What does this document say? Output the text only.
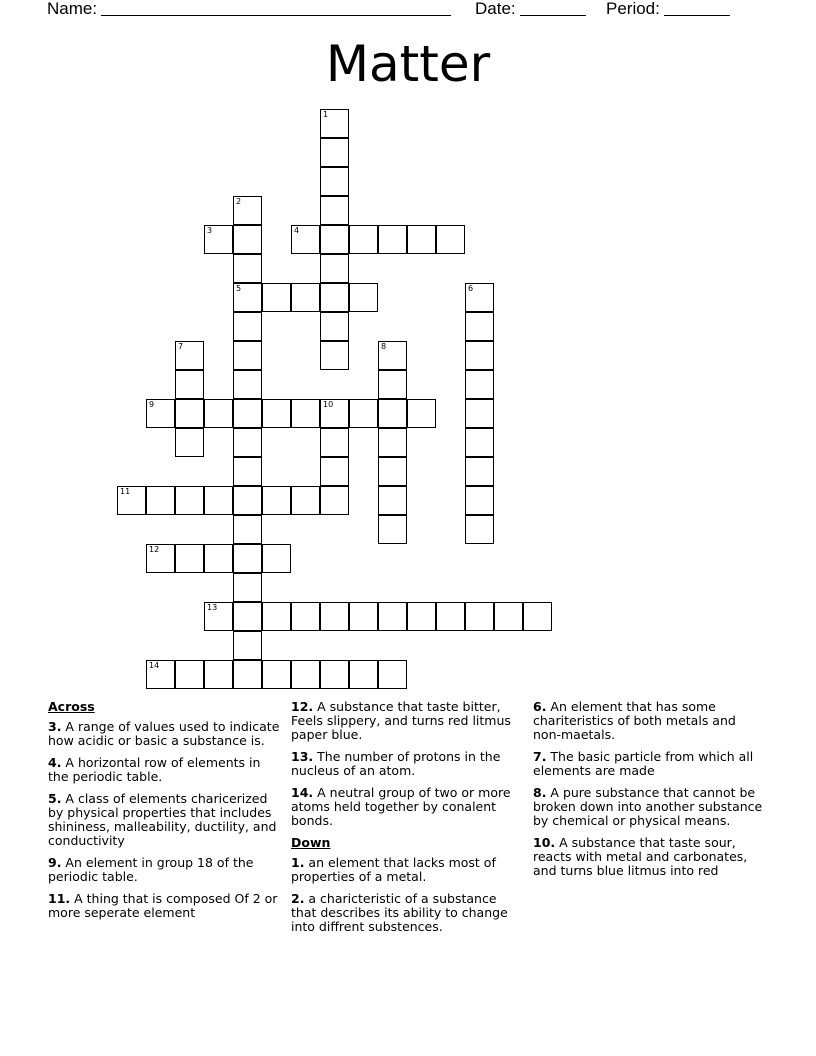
Name:	Date:	Period:
Matter
3	4
5
9	10
11
12
13
14
1
2
6
7	8
Across
3. A range of values used to indicate how acidic or basic a substance is.
4. A horizontal row of elements in the periodic table.
5. A class of elements charicerized by physical properties that includes shininess, malleability, ductility, and conductivity
9. An element in group 18 of the periodic table.
11. A thing that is composed Of 2 or more seperate element
12. A substance that taste bitter, Feels slippery, and turns red litmus paper blue.
13. The number of protons in the nucleus of an atom.
14. A neutral group of two or more atoms held together by conalent bonds.
Down
1. an element that lacks most of properties of a metal.
2. a charicteristic of a substance that describes its ability to change into diffrent substences.
6. An element that has some chariteristics of both metals and non-maetals.
7. The basic particle from which all elements are made
8. A pure substance that cannot be broken down into another substance by chemical or physical means.
10. A substance that taste sour, reacts with metal and carbonates, and turns blue litmus into red
